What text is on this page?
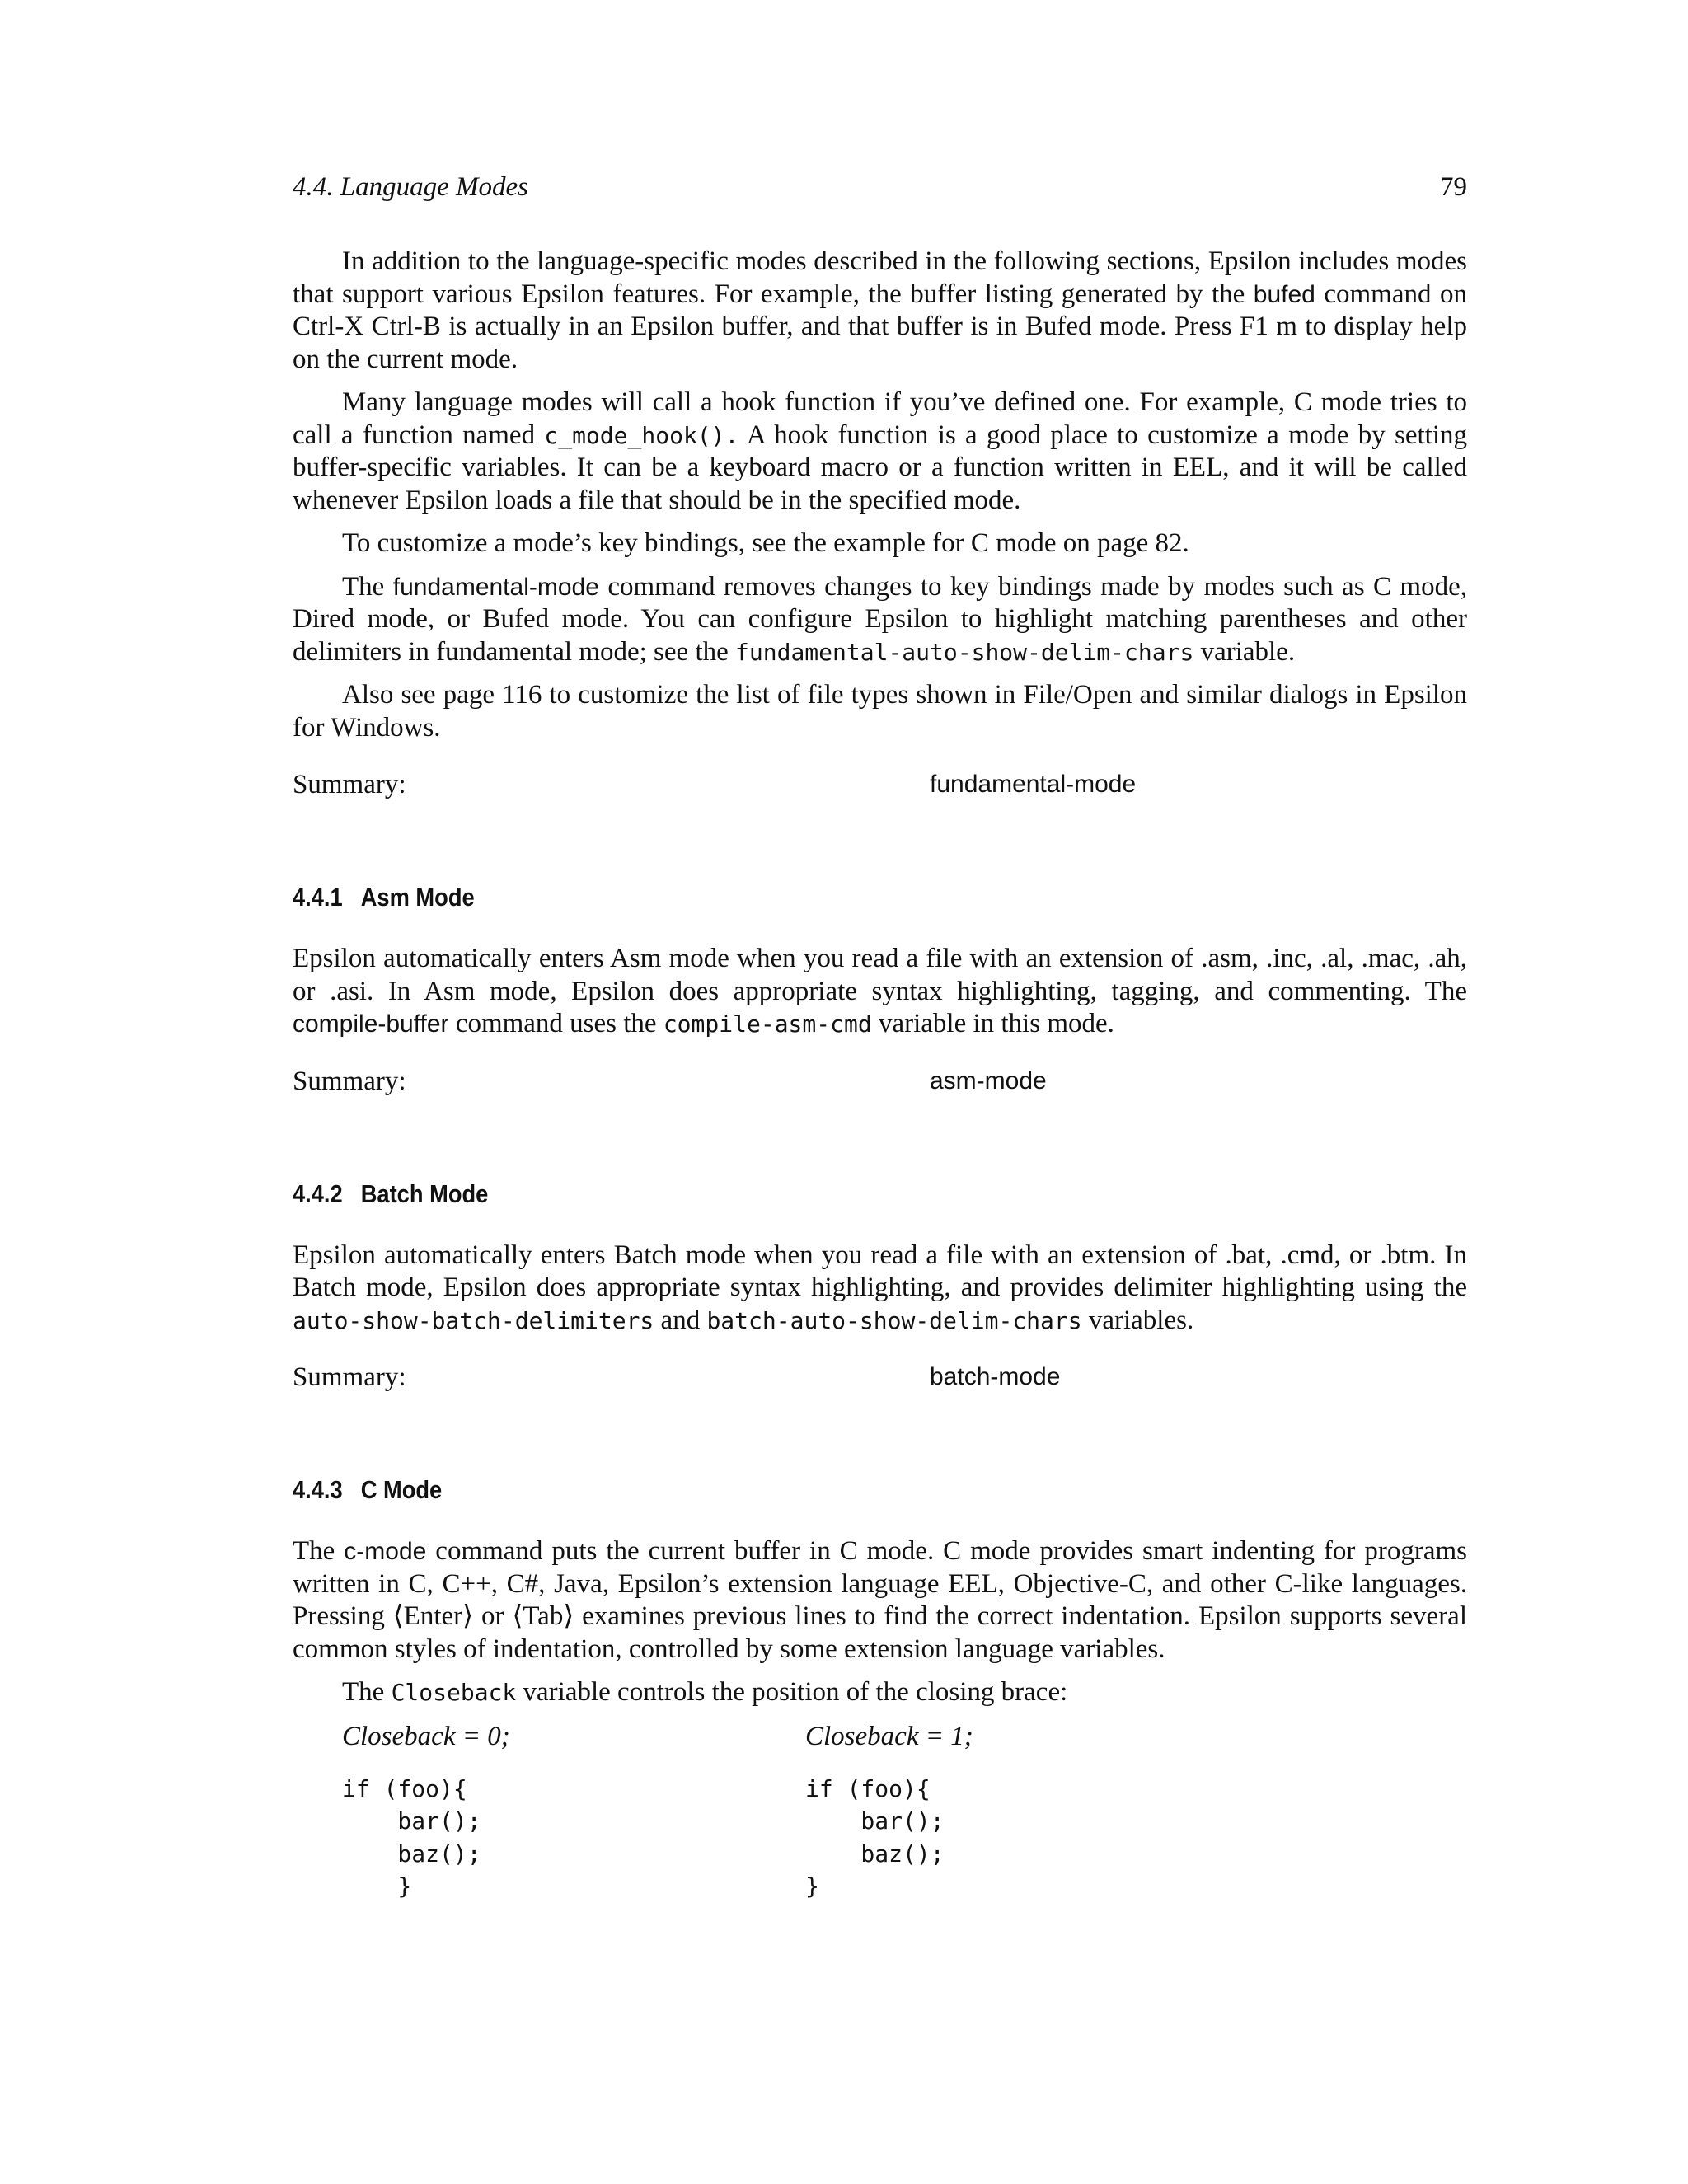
4.4. Language Modes	79

In addition to the language-specific modes described in the following sections, Epsilon includes modes that support various Epsilon features. For example, the buffer listing generated by the bufed command on Ctrl-X Ctrl-B is actually in an Epsilon buffer, and that buffer is in Bufed mode. Press F1 m to display help on the current mode.

Many language modes will call a hook function if you’ve defined one. For example, C mode tries to call a function named c_mode_hook(). A hook function is a good place to customize a mode by setting buffer-specific variables. It can be a keyboard macro or a function written in EEL, and it will be called whenever Epsilon loads a file that should be in the specified mode.

To customize a mode’s key bindings, see the example for C mode on page 82.

The fundamental-mode command removes changes to key bindings made by modes such as C mode, Dired mode, or Bufed mode. You can configure Epsilon to highlight matching parentheses and other delimiters in fundamental mode; see the fundamental-auto-show-delim-chars variable.

Also see page 116 to customize the list of file types shown in File/Open and similar dialogs in Epsilon for Windows.

Summary:	fundamental-mode
4.4.1 Asm Mode

Epsilon automatically enters Asm mode when you read a file with an extension of .asm, .inc, .al, .mac, .ah, or .asi. In Asm mode, Epsilon does appropriate syntax highlighting, tagging, and commenting. The compile-buffer command uses the compile-asm-cmd variable in this mode.

Summary:	asm-mode
4.4.2 Batch Mode

Epsilon automatically enters Batch mode when you read a file with an extension of .bat, .cmd, or .btm. In Batch mode, Epsilon does appropriate syntax highlighting, and provides delimiter highlighting using the auto-show-batch-delimiters and batch-auto-show-delim-chars variables.

Summary:	batch-mode
4.4.3 C Mode

The c-mode command puts the current buffer in C mode. C mode provides smart indenting for programs written in C, C++, C#, Java, Epsilon’s extension language EEL, Objective-C, and other C-like languages. Pressing ⟨Enter⟩ or ⟨Tab⟩ examines previous lines to find the correct indentation. Epsilon supports several common styles of indentation, controlled by some extension language variables.

The Closeback variable controls the position of the closing brace:

Closeback = 0;
if (foo){
bar();
baz();
}
Closeback = 1;
if (foo){
bar();
baz();
}
